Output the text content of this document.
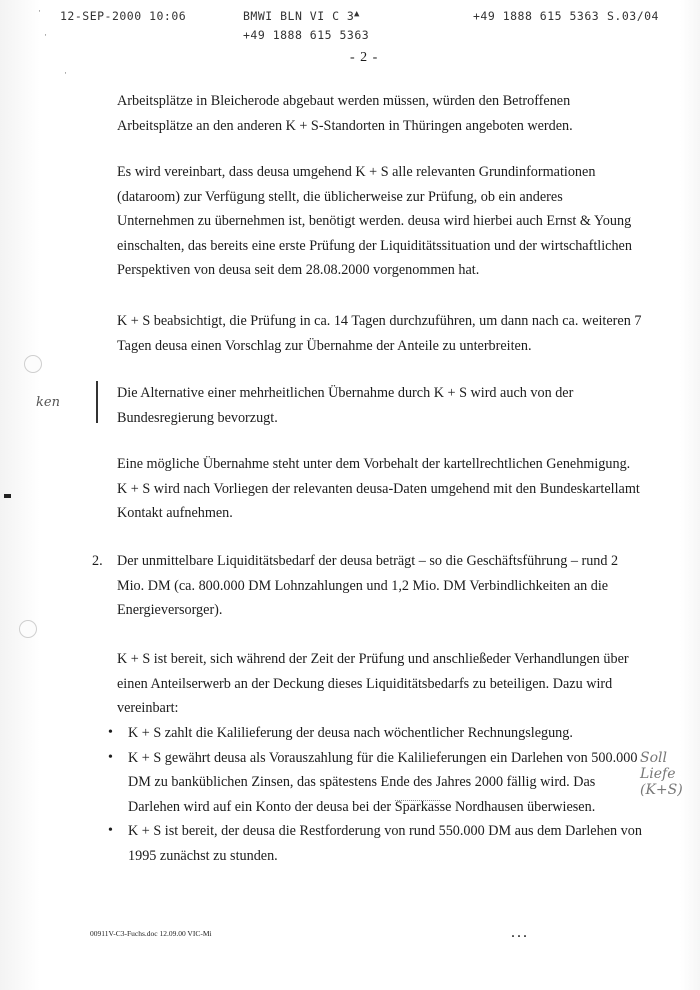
12-SEP-2000 10:06	BMWI BLN VI C 3 ▲
+49 1888 615 5363
+49 1888 615 5363 S.03/04
·
·
·
- 2 -

Arbeitsplätze in Bleicherode abgebaut werden müssen, würden den Betroffenen Arbeitsplätze an den anderen K + S-Standorten in Thüringen angeboten werden.

Es wird vereinbart, dass deusa umgehend K + S alle relevanten Grundinformationen (dataroom) zur Verfügung stellt, die üblicherweise zur Prüfung, ob ein anderes Unternehmen zu übernehmen ist, benötigt werden. deusa wird hierbei auch Ernst & Young einschalten, das bereits eine erste Prüfung der Liquiditätssituation und der wirtschaftlichen Perspektiven von deusa seit dem 28.08.2000 vorgenommen hat.

K + S beabsichtigt, die Prüfung in ca. 14 Tagen durchzuführen, um dann nach ca. weiteren 7 Tagen deusa einen Vorschlag zur Übernahme der Anteile zu unterbreiten.

Die Alternative einer mehrheitlichen Übernahme durch K + S wird auch von der Bundesregierung bevorzugt.

Eine mögliche Übernahme steht unter dem Vorbehalt der kartellrechtlichen Genehmigung. K + S wird nach Vorliegen der relevanten deusa-Daten umgehend mit den Bundeskartellamt Kontakt aufnehmen.

2. Der unmittelbare Liquiditätsbedarf der deusa beträgt – so die Geschäftsführung – rund 2 Mio. DM (ca. 800.000 DM Lohnzahlungen und 1,2 Mio. DM Verbindlichkeiten an die Energieversorger).

K + S ist bereit, sich während der Zeit der Prüfung und anschließeder Verhandlungen über einen Anteilserwerb an der Deckung dieses Liquiditätsbedarfs zu beteiligen. Dazu wird vereinbart:

• K + S zahlt die Kalilieferung der deusa nach wöchentlicher Rechnungslegung.
• K + S gewährt deusa als Vorauszahlung für die Kalilieferungen ein Darlehen von 500.000 DM zu banküblichen Zinsen, das spätestens Ende des Jahres 2000 fällig wird. Das Darlehen wird auf ein Konto der deusa bei der Sparkasse Nordhausen überwiesen.
• K + S ist bereit, der deusa die Restforderung von rund 550.000 DM aus dem Darlehen von 1995 zunächst zu stunden.
ken
Soll
Liefe
(K+S)
00911V-C3-Fuchs.doc 12.09.00 VIC-Mi	...
